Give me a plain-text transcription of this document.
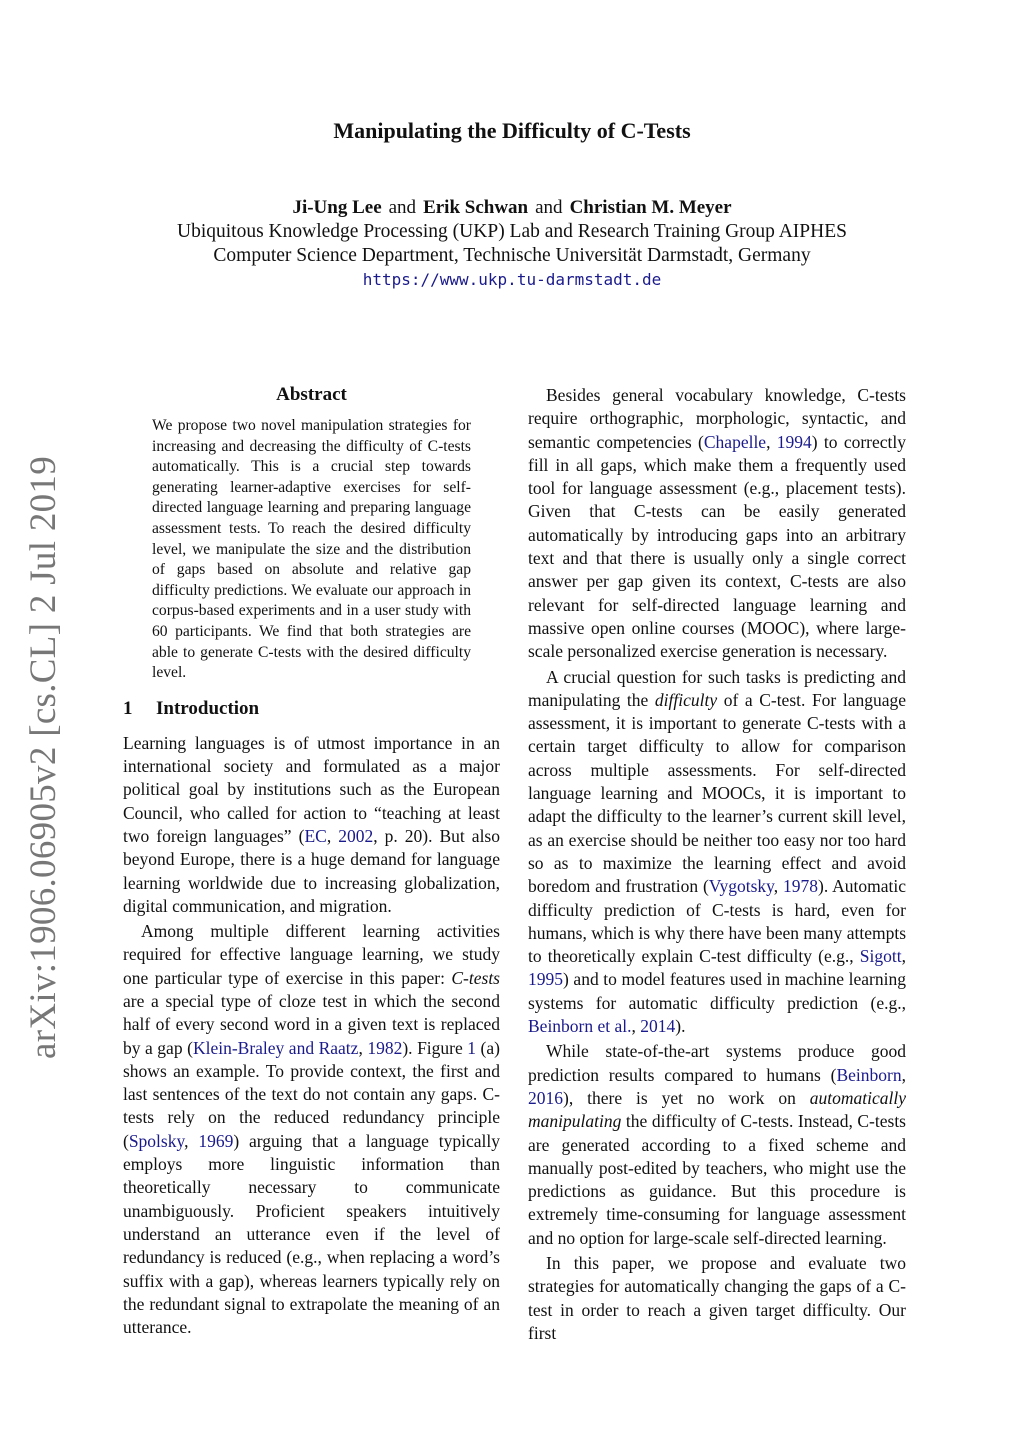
arXiv:1906.06905v2 [cs.CL] 2 Jul 2019
Manipulating the Difficulty of C-Tests
Ji-Ung Lee and Erik Schwan and Christian M. Meyer
Ubiquitous Knowledge Processing (UKP) Lab and Research Training Group AIPHES
Computer Science Department, Technische Universität Darmstadt, Germany
https://www.ukp.tu-darmstadt.de
Abstract
We propose two novel manipulation strategies for increasing and decreasing the difficulty of C-tests automatically. This is a crucial step towards generating learner-adaptive exercises for self-directed language learning and preparing language assessment tests. To reach the desired difficulty level, we manipulate the size and the distribution of gaps based on absolute and relative gap difficulty predictions. We evaluate our approach in corpus-based experiments and in a user study with 60 participants. We find that both strategies are able to generate C-tests with the desired difficulty level.
1 Introduction

Learning languages is of utmost importance in an international society and formulated as a major political goal by institutions such as the European Council, who called for action to “teaching at least two foreign languages” (EC, 2002, p. 20). But also beyond Europe, there is a huge demand for language learning worldwide due to increasing globalization, digital communication, and migration.

Among multiple different learning activities required for effective language learning, we study one particular type of exercise in this paper: C-tests are a special type of cloze test in which the second half of every second word in a given text is replaced by a gap (Klein-Braley and Raatz, 1982). Figure 1 (a) shows an example. To provide context, the first and last sentences of the text do not contain any gaps. C-tests rely on the reduced redundancy principle (Spolsky, 1969) arguing that a language typically employs more linguistic information than theoretically necessary to communicate unambiguously. Proficient speakers intuitively understand an utterance even if the level of redundancy is reduced (e.g., when replacing a word’s suffix with a gap), whereas learners typically rely on the redundant signal to extrapolate the meaning of an utterance.

Besides general vocabulary knowledge, C-tests require orthographic, morphologic, syntactic, and semantic competencies (Chapelle, 1994) to correctly fill in all gaps, which make them a frequently used tool for language assessment (e.g., placement tests). Given that C-tests can be easily generated automatically by introducing gaps into an arbitrary text and that there is usually only a single correct answer per gap given its context, C-tests are also relevant for self-directed language learning and massive open online courses (MOOC), where large-scale personalized exercise generation is necessary.

A crucial question for such tasks is predicting and manipulating the difficulty of a C-test. For language assessment, it is important to generate C-tests with a certain target difficulty to allow for comparison across multiple assessments. For self-directed language learning and MOOCs, it is important to adapt the difficulty to the learner’s current skill level, as an exercise should be neither too easy nor too hard so as to maximize the learning effect and avoid boredom and frustration (Vygotsky, 1978). Automatic difficulty prediction of C-tests is hard, even for humans, which is why there have been many attempts to theoretically explain C-test difficulty (e.g., Sigott, 1995) and to model features used in machine learning systems for automatic difficulty prediction (e.g., Beinborn et al., 2014).

While state-of-the-art systems produce good prediction results compared to humans (Beinborn, 2016), there is yet no work on automatically manipulating the difficulty of C-tests. Instead, C-tests are generated according to a fixed scheme and manually post-edited by teachers, who might use the predictions as guidance. But this procedure is extremely time-consuming for language assessment and no option for large-scale self-directed learning.

In this paper, we propose and evaluate two strategies for automatically changing the gaps of a C-test in order to reach a given target difficulty. Our first
